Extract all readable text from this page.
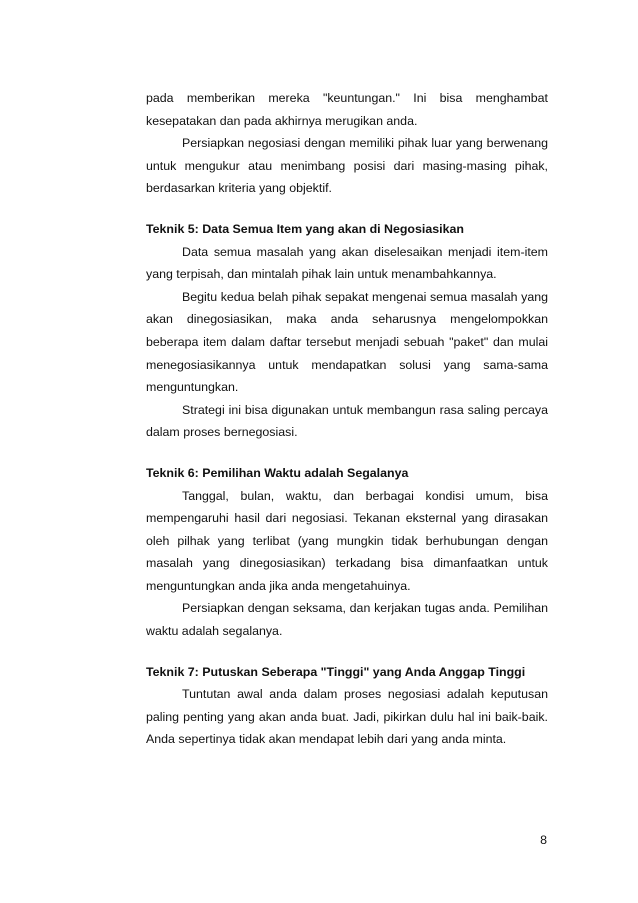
pada memberikan mereka "keuntungan." Ini bisa menghambat kesepatakan dan pada akhirnya merugikan anda.

Persiapkan negosiasi dengan memiliki pihak luar yang berwenang untuk mengukur atau menimbang posisi dari masing-masing pihak, berdasarkan kriteria yang objektif.

Teknik 5: Data Semua Item yang akan di Negosiasikan

Data semua masalah yang akan diselesaikan menjadi item-item yang terpisah, dan mintalah pihak lain untuk menambahkannya.

Begitu kedua belah pihak sepakat mengenai semua masalah yang akan dinegosiasikan, maka anda seharusnya mengelompokkan beberapa item dalam daftar tersebut menjadi sebuah "paket" dan mulai menegosiasikannya untuk mendapatkan solusi yang sama-sama menguntungkan.

Strategi ini bisa digunakan untuk membangun rasa saling percaya dalam proses bernegosiasi.

Teknik 6: Pemilihan Waktu adalah Segalanya

Tanggal, bulan, waktu, dan berbagai kondisi umum, bisa mempengaruhi hasil dari negosiasi. Tekanan eksternal yang dirasakan oleh pilhak yang terlibat (yang mungkin tidak berhubungan dengan masalah yang dinegosiasikan) terkadang bisa dimanfaatkan untuk menguntungkan anda jika anda mengetahuinya.

Persiapkan dengan seksama, dan kerjakan tugas anda. Pemilihan waktu adalah segalanya.

Teknik 7: Putuskan Seberapa "Tinggi" yang Anda Anggap Tinggi

Tuntutan awal anda dalam proses negosiasi adalah keputusan paling penting yang akan anda buat. Jadi, pikirkan dulu hal ini baik-baik. Anda sepertinya tidak akan mendapat lebih dari yang anda minta.

8
